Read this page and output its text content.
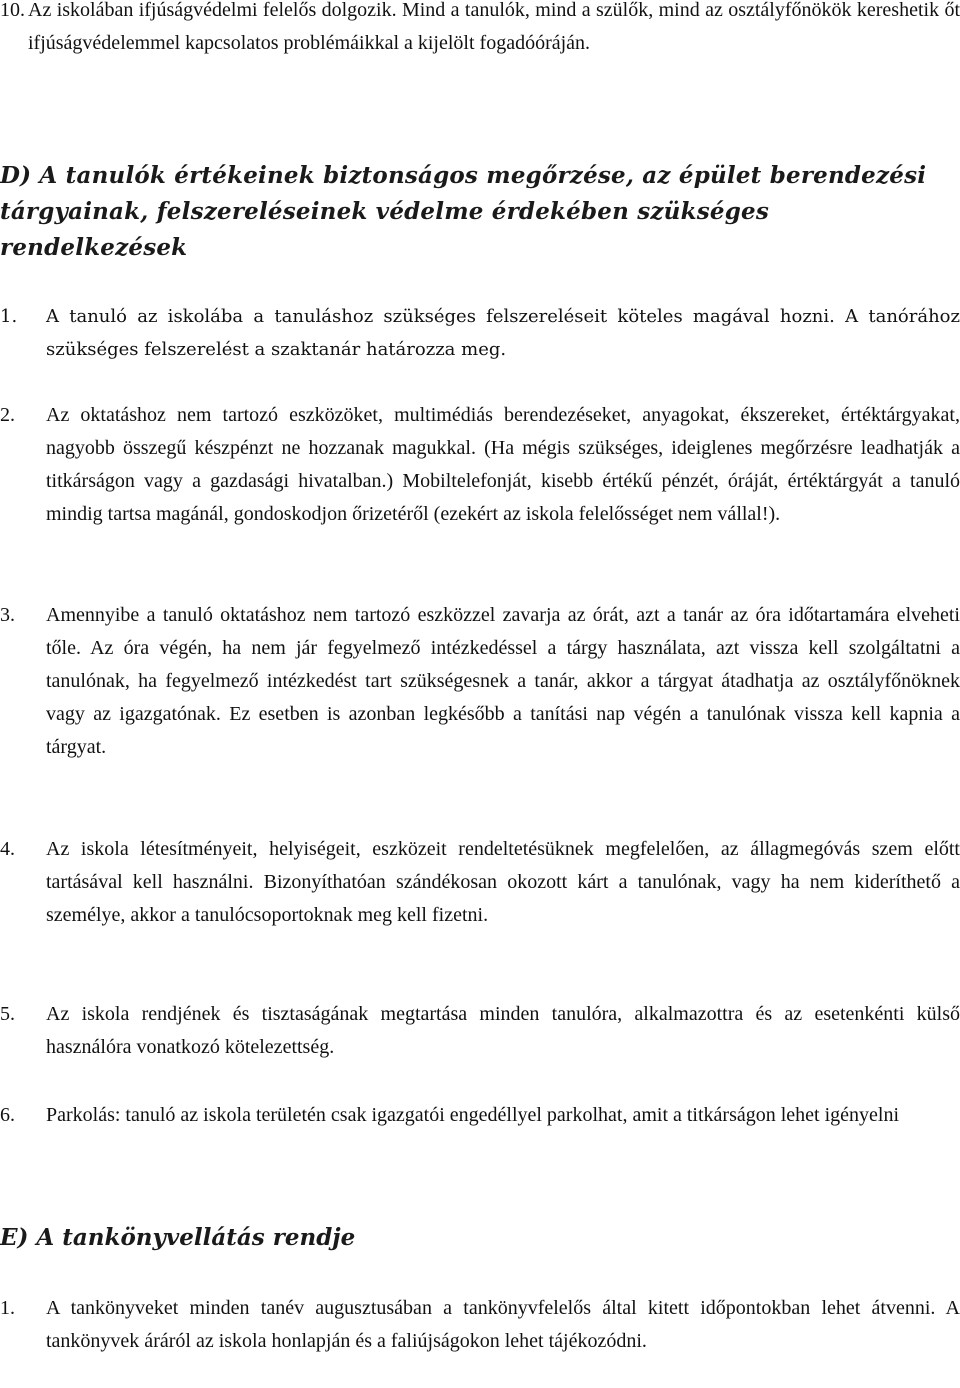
10. Az iskolában ifjúságvédelmi felelős dolgozik. Mind a tanulók, mind a szülők, mind az osztályfőnökök kereshetik őt ifjúságvédelemmel kapcsolatos problémáikkal a kijelölt fogadóóráján.
D) A tanulók értékeinek biztonságos megőrzése, az épület berendezési tárgyainak, felszereléseinek védelme érdekében szükséges rendelkezések
1.	A tanuló az iskolába a tanuláshoz szükséges felszereléseit köteles magával hozni. A tanórához szükséges felszerelést a szaktanár határozza meg.
2.	Az oktatáshoz nem tartozó eszközöket, multimédiás berendezéseket, anyagokat, ékszereket, értéktárgyakat, nagyobb összegű készpénzt ne hozzanak magukkal. (Ha mégis szükséges, ideiglenes megőrzésre leadhatják a titkárságon vagy a gazdasági hivatalban.) Mobiltelefonját, kisebb értékű pénzét, óráját, értéktárgyát a tanuló mindig tartsa magánál, gondoskodjon őrizetéről (ezekért az iskola felelősséget nem vállal!).
3.	Amennyibe a tanuló oktatáshoz nem tartozó eszközzel zavarja az órát, azt a tanár az óra időtartamára elveheti tőle. Az óra végén, ha nem jár fegyelmező intézkedéssel a tárgy használata, azt vissza kell szolgáltatni a tanulónak, ha fegyelmező intézkedést tart szükségesnek a tanár, akkor a tárgyat átadhatja az osztályfőnöknek vagy az igazgatónak. Ez esetben is azonban legkésőbb a tanítási nap végén a tanulónak vissza kell kapnia a tárgyat.
4.	Az iskola létesítményeit, helyiségeit, eszközeit rendeltetésüknek megfelelően, az állagmegóvás szem előtt tartásával kell használni. Bizonyíthatóan szándékosan okozott kárt a tanulónak, vagy ha nem kideríthető a személye, akkor a tanulócsoportoknak meg kell fizetni.
5.	Az iskola rendjének és tisztaságának megtartása minden tanulóra, alkalmazottra és az esetenkénti külső használóra vonatkozó kötelezettség.
6.	Parkolás: tanuló az iskola területén csak igazgatói engedéllyel parkolhat, amit a titkárságon lehet igényelni
E) A tankönyvellátás rendje
1.	A tankönyveket minden tanév augusztusában a tankönyvfelelős által kitett időpontokban lehet átvenni. A tankönyvek áráról az iskola honlapján és a faliújságokon lehet tájékozódni.
